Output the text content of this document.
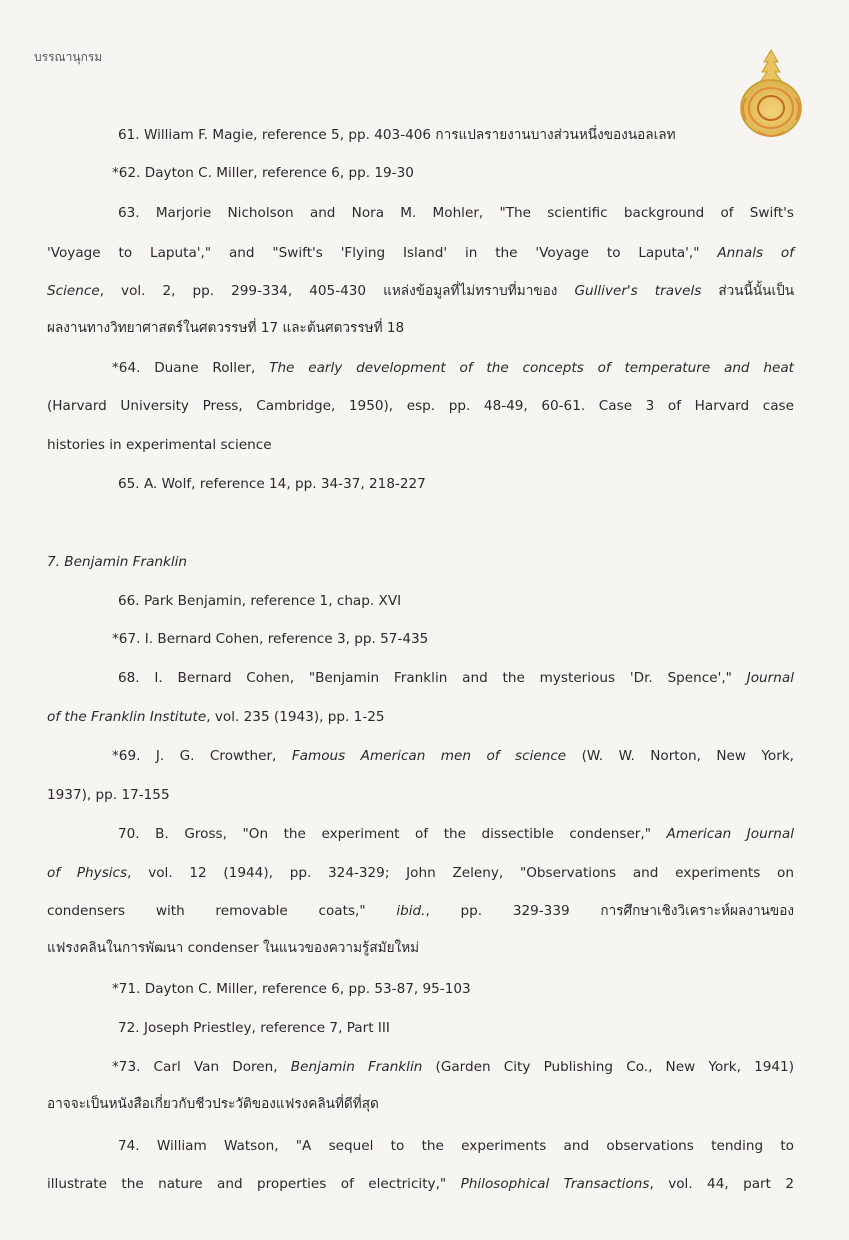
บรรณานุกรม
61. William F. Magie, reference 5, pp. 403-406 การแปลรายงานบางส่วนหนึ่งของนอลเลท
*62. Dayton C. Miller, reference 6, pp. 19-30
63. Marjorie Nicholson and Nora M. Mohler, "The scientific background of Swift's
'Voyage to Laputa'," and "Swift's 'Flying Island' in the 'Voyage to Laputa'," Annals of
Science, vol. 2, pp. 299-334, 405-430 แหล่งข้อมูลที่ไม่ทราบที่มาของ Gulliver's travels ส่วนนี้นั้นเป็น
ผลงานทางวิทยาศาสตร์ในศตวรรษที่ 17 และต้นศตวรรษที่ 18
*64. Duane Roller, The early development of the concepts of temperature and heat
(Harvard University Press, Cambridge, 1950), esp. pp. 48-49, 60-61. Case 3 of Harvard case
histories in experimental science
65. A. Wolf, reference 14, pp. 34-37, 218-227
7. Benjamin Franklin
66. Park Benjamin, reference 1, chap. XVI
*67. I. Bernard Cohen, reference 3, pp. 57-435
68. I. Bernard Cohen, "Benjamin Franklin and the mysterious 'Dr. Spence'," Journal
of the Franklin Institute, vol. 235 (1943), pp. 1-25
*69. J. G. Crowther, Famous American men of science (W. W. Norton, New York,
1937), pp. 17-155
70. B. Gross, "On the experiment of the dissectible condenser," American Journal
of Physics, vol. 12 (1944), pp. 324-329; John Zeleny, "Observations and experiments on
condensers with removable coats," ibid., pp. 329-339 การศึกษาเชิงวิเคราะห์ผลงานของ
แฟรงคลินในการพัฒนา condenser ในแนวของความรู้สมัยใหม่
*71. Dayton C. Miller, reference 6, pp. 53-87, 95-103
72. Joseph Priestley, reference 7, Part III
*73. Carl Van Doren, Benjamin Franklin (Garden City Publishing Co., New York, 1941)
อาจจะเป็นหนังสือเกี่ยวกับชีวประวัติของแฟรงคลินที่ดีที่สุด
74. William Watson, "A sequel to the experiments and observations tending to
illustrate the nature and properties of electricity," Philosophical Transactions, vol. 44, part 2
